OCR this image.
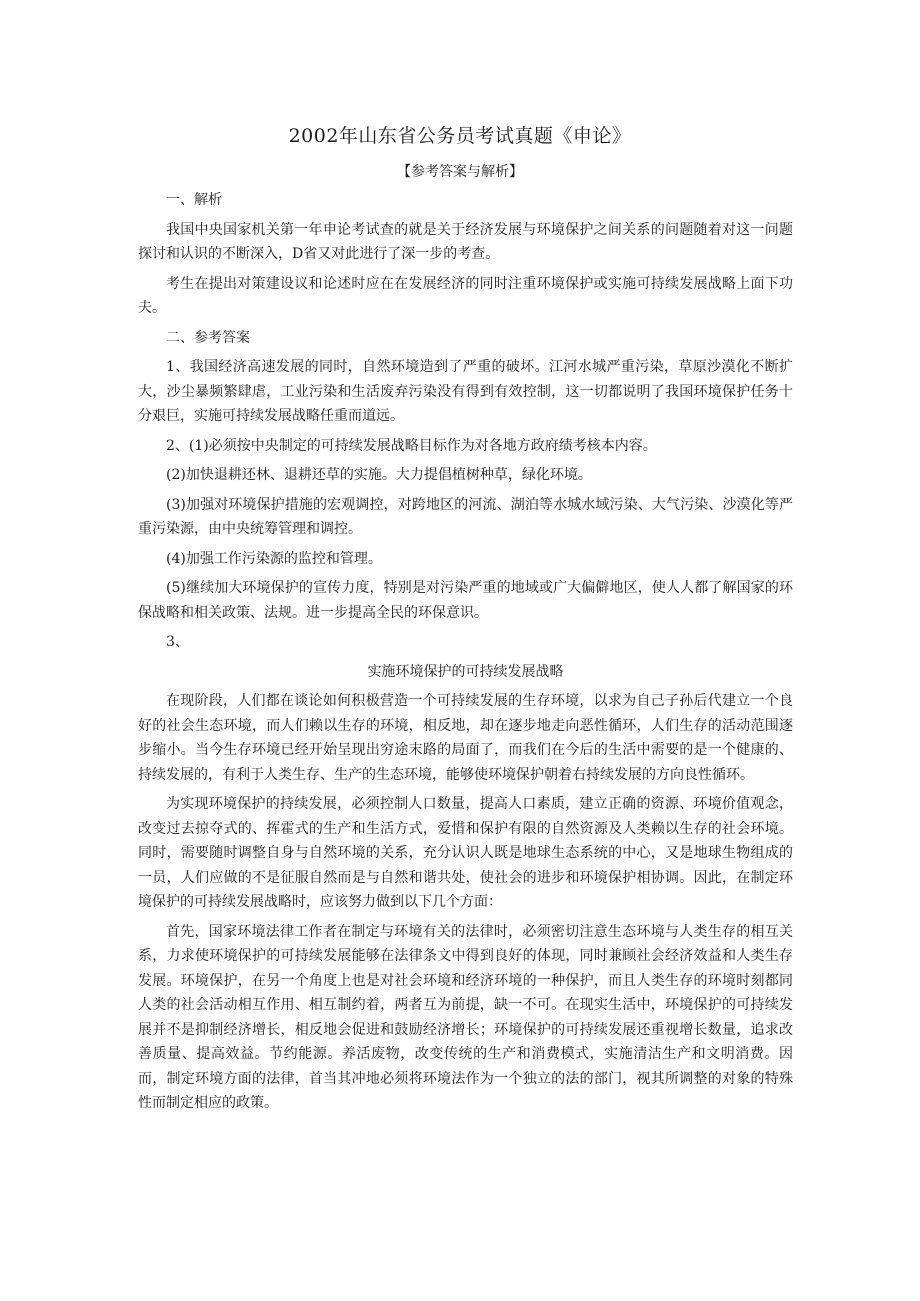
2002年山东省公务员考试真题《申论》
【参考答案与解析】

一、解析

我国中央国家机关第一年申论考试查的就是关于经济发展与环境保护之间关系的问题随着对这一问题探讨和认识的不断深入，D省又对此进行了深一步的考查。

考生在提出对策建设议和论述时应在在发展经济的同时注重环境保护或实施可持续发展战略上面下功夫。

二、参考答案

1、我国经济高速发展的同时，自然环境造到了严重的破坏。江河水城严重污染，草原沙漠化不断扩大，沙尘暴频繁肆虐，工业污染和生活废弃污染没有得到有效控制，这一切都说明了我国环境保护任务十分艰巨，实施可持续发展战略任重而道远。

2、(1)必须按中央制定的可持续发展战略目标作为对各地方政府绩考核本内容。

(2)加快退耕还林、退耕还草的实施。大力提倡植树种草，绿化环境。

(3)加强对环境保护措施的宏观调控，对跨地区的河流、湖泊等水城水域污染、大气污染、沙漠化等严重污染源，由中央统筹管理和调控。

(4)加强工作污染源的监控和管理。

(5)继续加大环境保护的宣传力度，特别是对污染严重的地域或广大偏僻地区，使人人都了解国家的环保战略和相关政策、法规。进一步提高全民的环保意识。

3、

实施环境保护的可持续发展战略

在现阶段，人们都在谈论如何积极营造一个可持续发展的生存环境，以求为自己子孙后代建立一个良好的社会生态环境，而人们赖以生存的环境，相反地，却在逐步地走向恶性循环，人们生存的活动范围逐步缩小。当今生存环境已经开始呈现出穷途末路的局面了，而我们在今后的生活中需要的是一个健康的、持续发展的，有利于人类生存、生产的生态环境，能够使环境保护朝着右持续发展的方向良性循环。

为实现环境保护的持续发展，必须控制人口数量，提高人口素质，建立正确的资源、环境价值观念，改变过去掠夺式的、挥霍式的生产和生活方式，爱惜和保护有限的自然资源及人类赖以生存的社会环境。同时，需要随时调整自身与自然环境的关系，充分认识人既是地球生态系统的中心，又是地球生物组成的一员，人们应做的不是征服自然而是与自然和谐共处，使社会的进步和环境保护相协调。因此，在制定环境保护的可持续发展战略时，应该努力做到以下几个方面：

首先，国家环境法律工作者在制定与环境有关的法律时，必须密切注意生态环境与人类生存的相互关系，力求使环境保护的可持续发展能够在法律条文中得到良好的体现，同时兼顾社会经济效益和人类生存发展。环境保护，在另一个角度上也是对社会环境和经济环境的一种保护，而且人类生存的环境时刻都同人类的社会活动相互作用、相互制约着，两者互为前提，缺一不可。在现实生活中，环境保护的可持续发展并不是抑制经济增长，相反地会促进和鼓励经济增长；环境保护的可持续发展还重视增长数量，追求改善质量、提高效益。节约能源。养活废物，改变传统的生产和消费模式，实施清洁生产和文明消费。因而，制定环境方面的法律，首当其冲地必须将环境法作为一个独立的法的部门，视其所调整的对象的特殊性而制定相应的政策。
